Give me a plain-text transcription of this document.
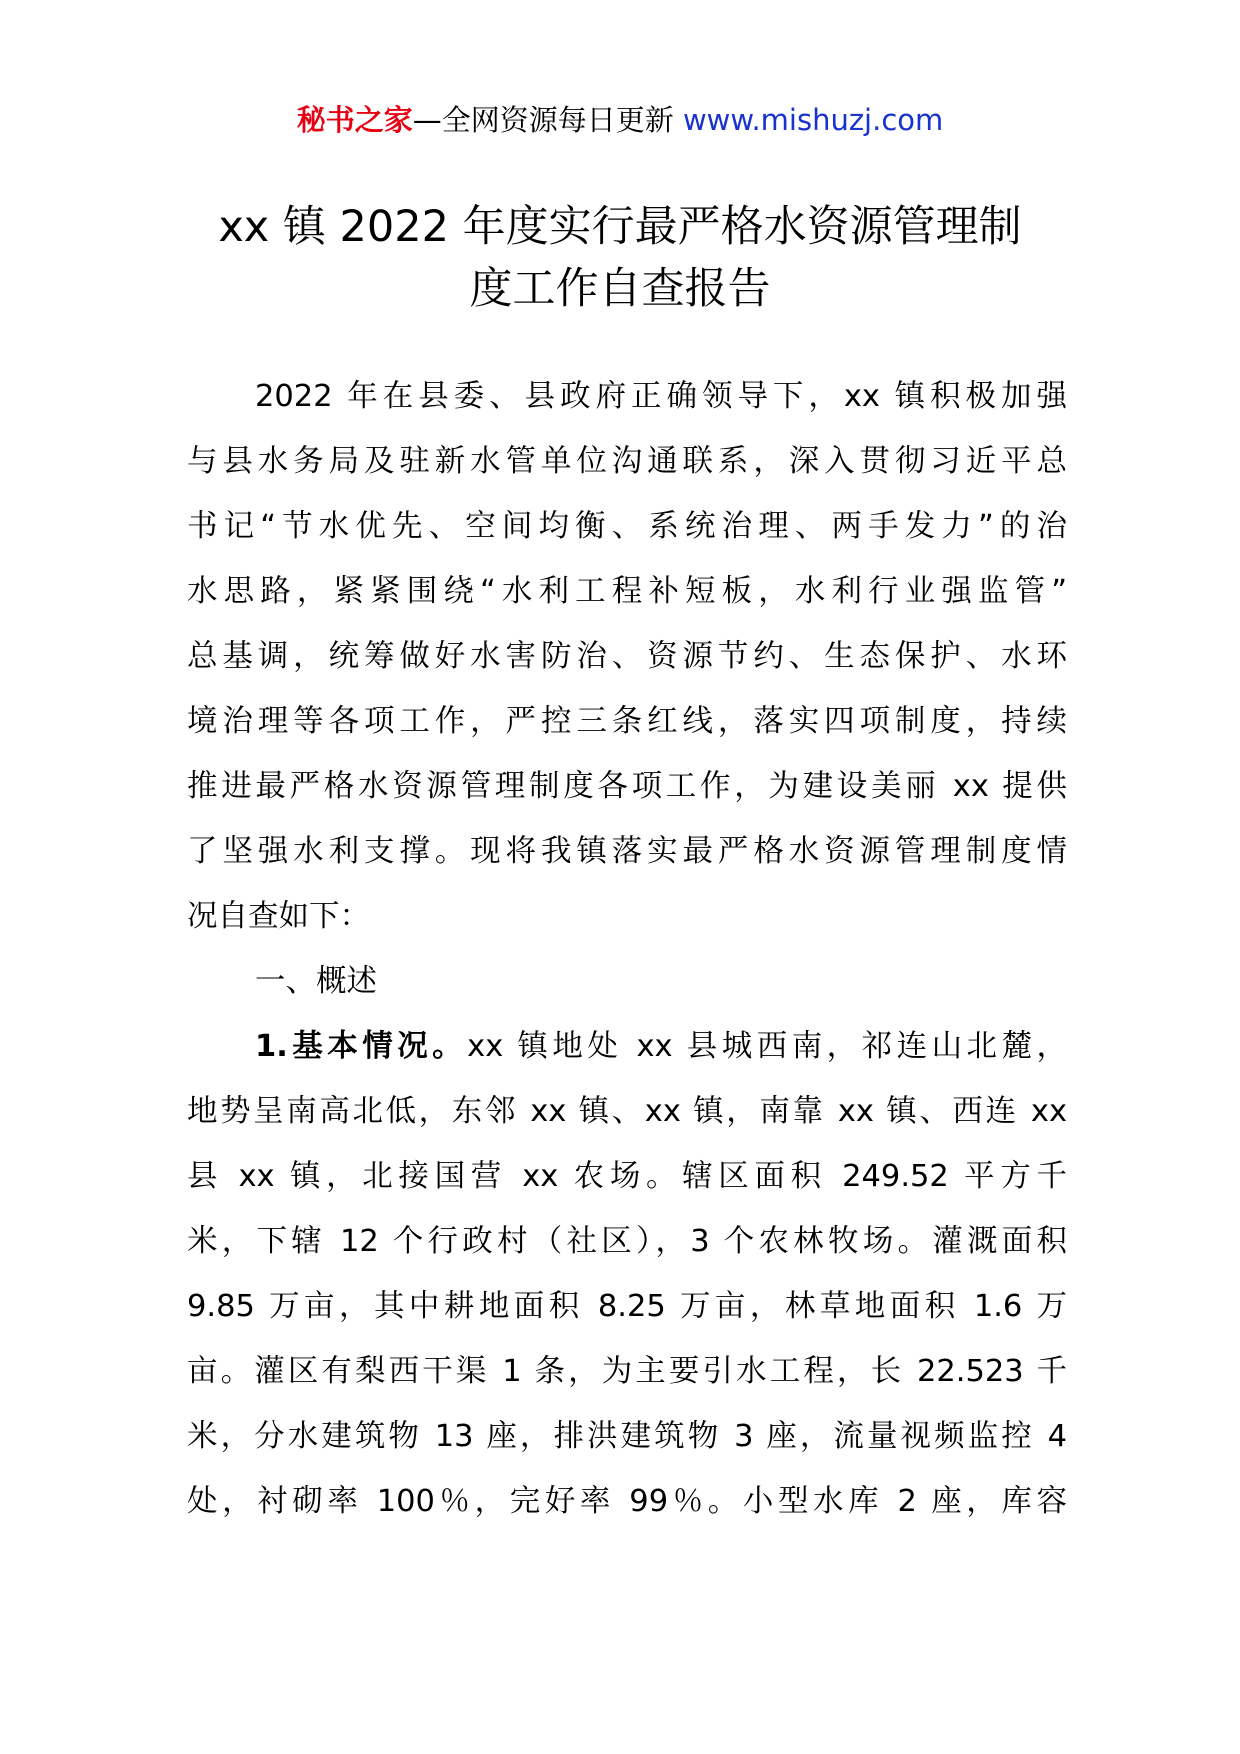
秘书之家—全网资源每日更新 www.mishuzj.com
xx 镇 2022 年度实行最严格水资源管理制
度工作自查报告
2022 年在县委、县政府正确领导下，xx 镇积极加强
与县水务局及驻新水管单位沟通联系，深入贯彻习近平总
书记“节水优先、空间均衡、系统治理、两手发力”的治
水思路，紧紧围绕“水利工程补短板，水利行业强监管”
总基调，统筹做好水害防治、资源节约、生态保护、水环
境治理等各项工作，严控三条红线，落实四项制度，持续
推进最严格水资源管理制度各项工作，为建设美丽 xx 提供
了坚强水利支撑。现将我镇落实最严格水资源管理制度情
况自查如下：
一、概述
1.基本情况。xx 镇地处 xx 县城西南，祁连山北麓，
地势呈南高北低，东邻 xx 镇、xx 镇，南靠 xx 镇、西连 xx
县 xx 镇，北接国营 xx 农场。辖区面积 249.52 平方千
米，下辖 12 个行政村（社区），3 个农林牧场。灌溉面积
9.85 万亩，其中耕地面积 8.25 万亩，林草地面积 1.6 万
亩。灌区有梨西干渠 1 条，为主要引水工程，长 22.523 千
米，分水建筑物 13 座，排洪建筑物 3 座，流量视频监控 4
处，衬砌率 100％，完好率 99％。小型水库 2 座，库容
